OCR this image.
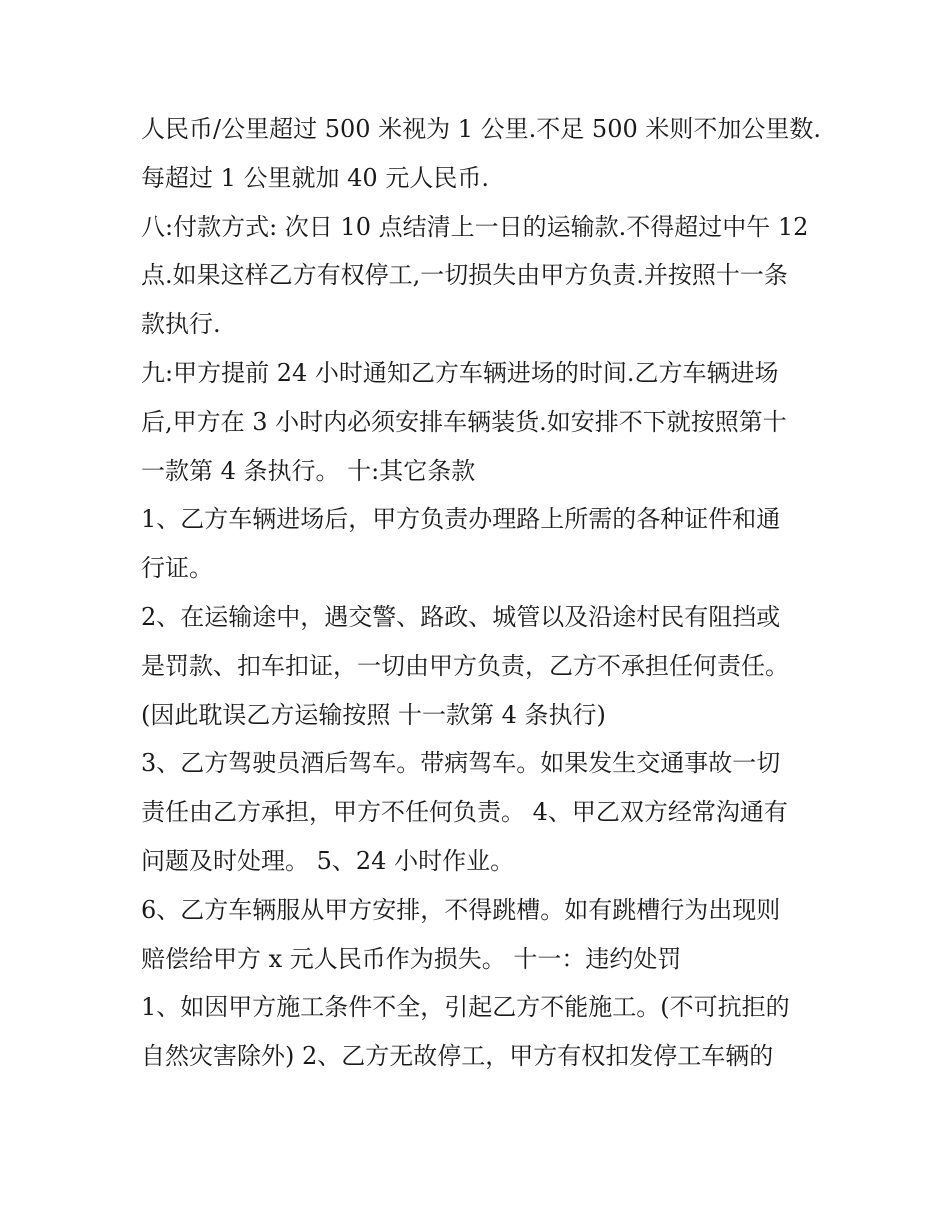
人民币/公里超过 500 米视为 1 公里.不足 500 米则不加公里数.
每超过 1 公里就加 40 元人民币.
八:付款方式: 次日 10 点结清上一日的运输款.不得超过中午 12
点.如果这样乙方有权停工,一切损失由甲方负责.并按照十一条
款执行.
九:甲方提前 24 小时通知乙方车辆进场的时间.乙方车辆进场
后,甲方在 3 小时内必须安排车辆装货.如安排不下就按照第十
一款第 4 条执行。 十:其它条款
1、乙方车辆进场后，甲方负责办理路上所需的各种证件和通
行证。
2、在运输途中，遇交警、路政、城管以及沿途村民有阻挡或
是罚款、扣车扣证，一切由甲方负责，乙方不承担任何责任。
(因此耽误乙方运输按照 十一款第 4 条执行)
3、乙方驾驶员酒后驾车。带病驾车。如果发生交通事故一切
责任由乙方承担，甲方不任何负责。 4、甲乙双方经常沟通有
问题及时处理。 5、24 小时作业。
6、乙方车辆服从甲方安排，不得跳槽。如有跳槽行为出现则
赔偿给甲方 x 元人民币作为损失。 十一：违约处罚
1、如因甲方施工条件不全，引起乙方不能施工。(不可抗拒的
自然灾害除外) 2、乙方无故停工，甲方有权扣发停工车辆的
